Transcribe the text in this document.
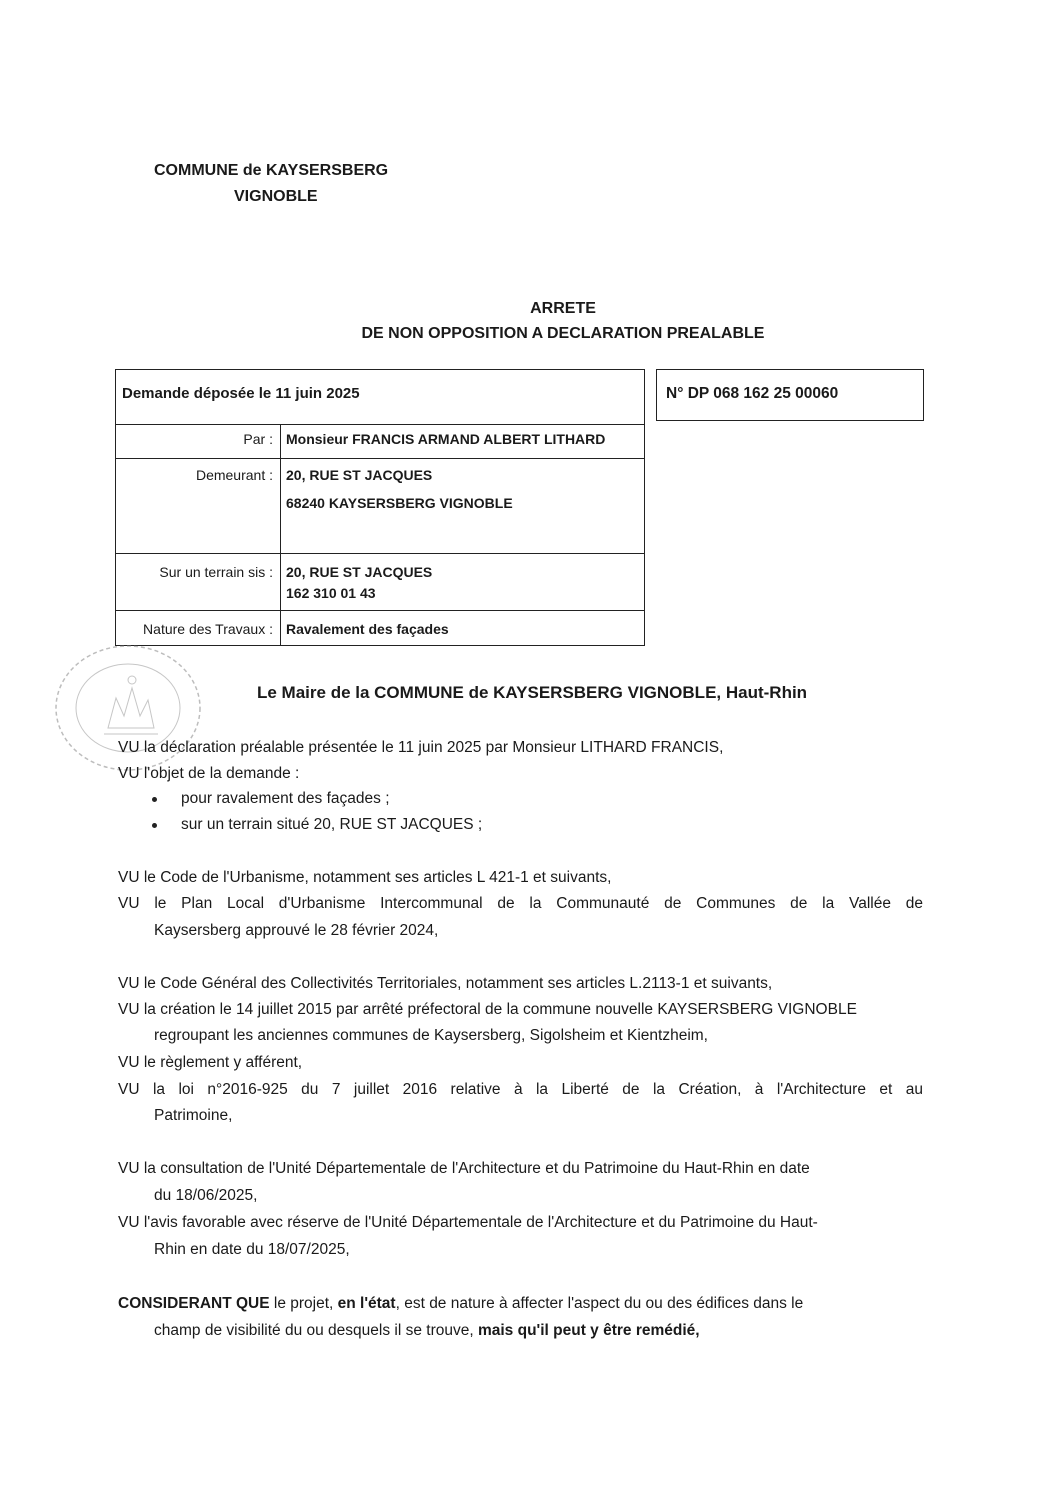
COMMUNE de KAYSERSBERG
VIGNOBLE
ARRETE
DE NON OPPOSITION A DECLARATION PREALABLE
Demande déposée le 11 juin 2025
Par : Monsieur FRANCIS ARMAND ALBERT LITHARD
Demeurant : 20, RUE ST JACQUES
68240 KAYSERSBERG VIGNOBLE
Sur un terrain sis : 20, RUE ST JACQUES
162 310 01 43
Nature des Travaux : Ravalement des façades
N° DP 068 162 25 00060
Le Maire de la COMMUNE de KAYSERSBERG VIGNOBLE, Haut-Rhin
VU la déclaration préalable présentée le 11 juin 2025 par Monsieur LITHARD FRANCIS,
VU l'objet de la demande :
pour ravalement des façades ;
sur un terrain situé 20, RUE ST JACQUES ;
VU le Code de l'Urbanisme, notamment ses articles L 421-1 et suivants,
VU le Plan Local d'Urbanisme Intercommunal de la Communauté de Communes de la Vallée de
Kaysersberg approuvé le 28 février 2024,
VU le Code Général des Collectivités Territoriales, notamment ses articles L.2113-1 et suivants,
VU la création le 14 juillet 2015 par arrêté préfectoral de la commune nouvelle KAYSERSBERG VIGNOBLE
regroupant les anciennes communes de Kaysersberg, Sigolsheim et Kientzheim,
VU le règlement y afférent,
VU la loi n°2016-925 du 7 juillet 2016 relative à la Liberté de la Création, à l'Architecture et au
Patrimoine,
VU la consultation de l'Unité Départementale de l'Architecture et du Patrimoine du Haut-Rhin en date
du 18/06/2025,
VU l'avis favorable avec réserve de l'Unité Départementale de l'Architecture et du Patrimoine du Haut-
Rhin en date du 18/07/2025,
CONSIDERANT QUE le projet, en l'état, est de nature à affecter l'aspect du ou des édifices dans le
champ de visibilité du ou desquels il se trouve, mais qu'il peut y être remédié,
